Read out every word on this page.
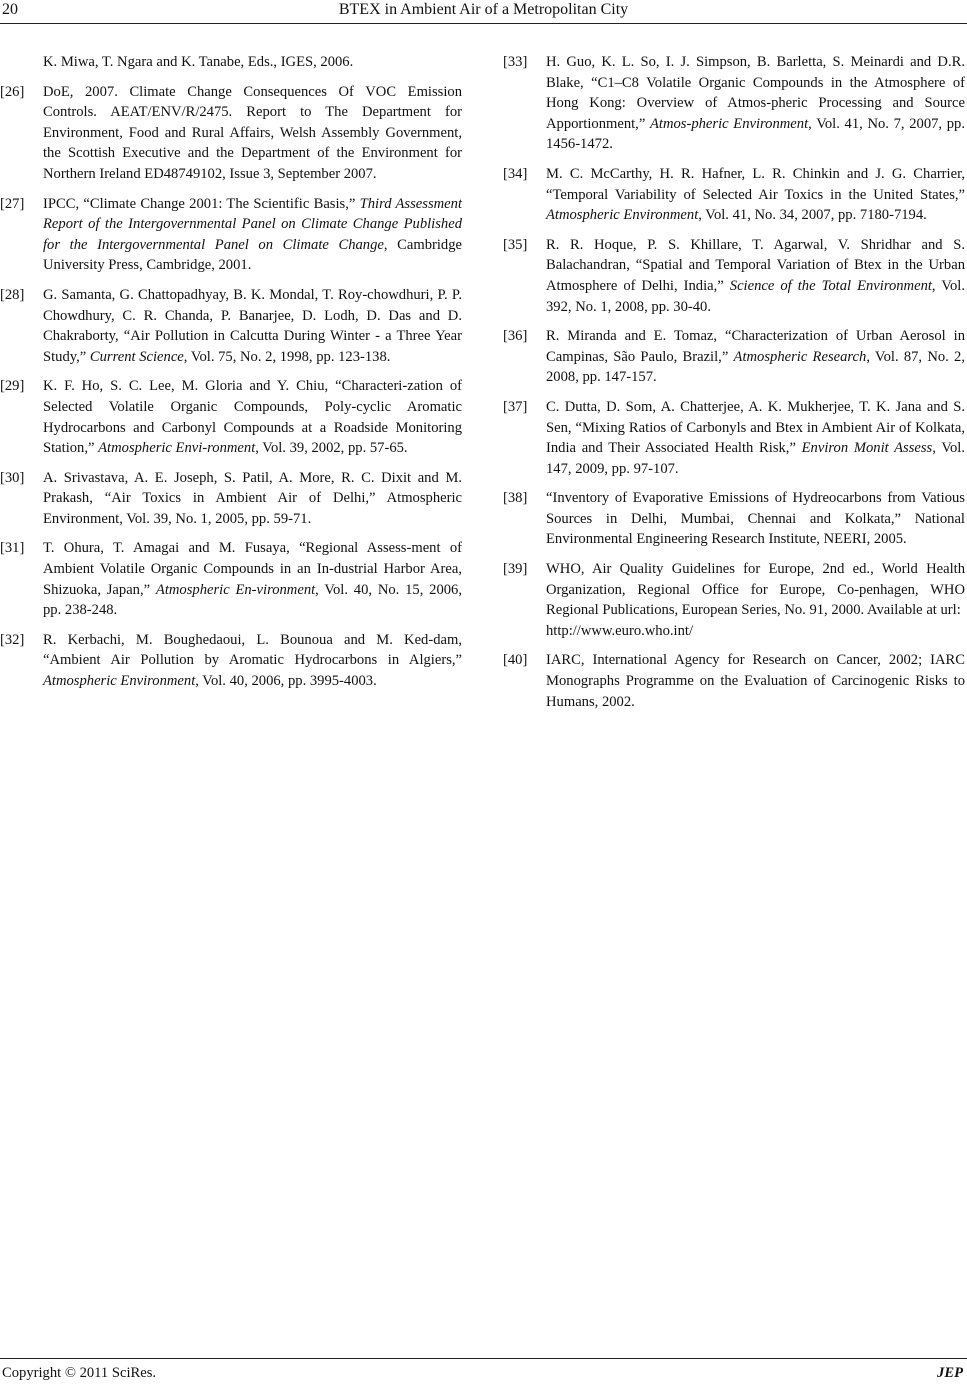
20	BTEX in Ambient Air of a Metropolitan City
K. Miwa, T. Ngara and K. Tanabe, Eds., IGES, 2006.
[26] DoE, 2007. Climate Change Consequences Of VOC Emission Controls. AEAT/ENV/R/2475. Report to The Department for Environment, Food and Rural Affairs, Welsh Assembly Government, the Scottish Executive and the Department of the Environment for Northern Ireland ED48749102, Issue 3, September 2007.
[27] IPCC, “Climate Change 2001: The Scientific Basis,” Third Assessment Report of the Intergovernmental Panel on Climate Change Published for the Intergovernmental Panel on Climate Change, Cambridge University Press, Cambridge, 2001.
[28] G. Samanta, G. Chattopadhyay, B. K. Mondal, T. Roy-chowdhuri, P. P. Chowdhury, C. R. Chanda, P. Banarjee, D. Lodh, D. Das and D. Chakraborty, “Air Pollution in Calcutta During Winter - a Three Year Study,” Current Science, Vol. 75, No. 2, 1998, pp. 123-138.
[29] K. F. Ho, S. C. Lee, M. Gloria and Y. Chiu, “Characteri-zation of Selected Volatile Organic Compounds, Poly-cyclic Aromatic Hydrocarbons and Carbonyl Compounds at a Roadside Monitoring Station,” Atmospheric Envi-ronment, Vol. 39, 2002, pp. 57-65.
[30] A. Srivastava, A. E. Joseph, S. Patil, A. More, R. C. Dixit and M. Prakash, “Air Toxics in Ambient Air of Delhi,” Atmospheric Environment, Vol. 39, No. 1, 2005, pp. 59-71.
[31] T. Ohura, T. Amagai and M. Fusaya, “Regional Assess-ment of Ambient Volatile Organic Compounds in an In-dustrial Harbor Area, Shizuoka, Japan,” Atmospheric En-vironment, Vol. 40, No. 15, 2006, pp. 238-248.
[32] R. Kerbachi, M. Boughedaoui, L. Bounoua and M. Ked-dam, “Ambient Air Pollution by Aromatic Hydrocarbons in Algiers,” Atmospheric Environment, Vol. 40, 2006, pp. 3995-4003.
[33] H. Guo, K. L. So, I. J. Simpson, B. Barletta, S. Meinardi and D.R. Blake, “C1–C8 Volatile Organic Compounds in the Atmosphere of Hong Kong: Overview of Atmos-pheric Processing and Source Apportionment,” Atmos-pheric Environment, Vol. 41, No. 7, 2007, pp. 1456-1472.
[34] M. C. McCarthy, H. R. Hafner, L. R. Chinkin and J. G. Charrier, “Temporal Variability of Selected Air Toxics in the United States,” Atmospheric Environment, Vol. 41, No. 34, 2007, pp. 7180-7194.
[35] R. R. Hoque, P. S. Khillare, T. Agarwal, V. Shridhar and S. Balachandran, “Spatial and Temporal Variation of Btex in the Urban Atmosphere of Delhi, India,” Science of the Total Environment, Vol. 392, No. 1, 2008, pp. 30-40.
[36] R. Miranda and E. Tomaz, “Characterization of Urban Aerosol in Campinas, São Paulo, Brazil,” Atmospheric Research, Vol. 87, No. 2, 2008, pp. 147-157.
[37] C. Dutta, D. Som, A. Chatterjee, A. K. Mukherjee, T. K. Jana and S. Sen, “Mixing Ratios of Carbonyls and Btex in Ambient Air of Kolkata, India and Their Associated Health Risk,” Environ Monit Assess, Vol. 147, 2009, pp. 97-107.
[38] “Inventory of Evaporative Emissions of Hydreocarbons from Vatious Sources in Delhi, Mumbai, Chennai and Kolkata,” National Environmental Engineering Research Institute, NEERI, 2005.
[39] WHO, Air Quality Guidelines for Europe, 2nd ed., World Health Organization, Regional Office for Europe, Co-penhagen, WHO Regional Publications, European Series, No. 91, 2000. Available at url:
http://www.euro.who.int/
[40] IARC, International Agency for Research on Cancer, 2002; IARC Monographs Programme on the Evaluation of Carcinogenic Risks to Humans, 2002.
Copyright © 2011 SciRes.	JEP
